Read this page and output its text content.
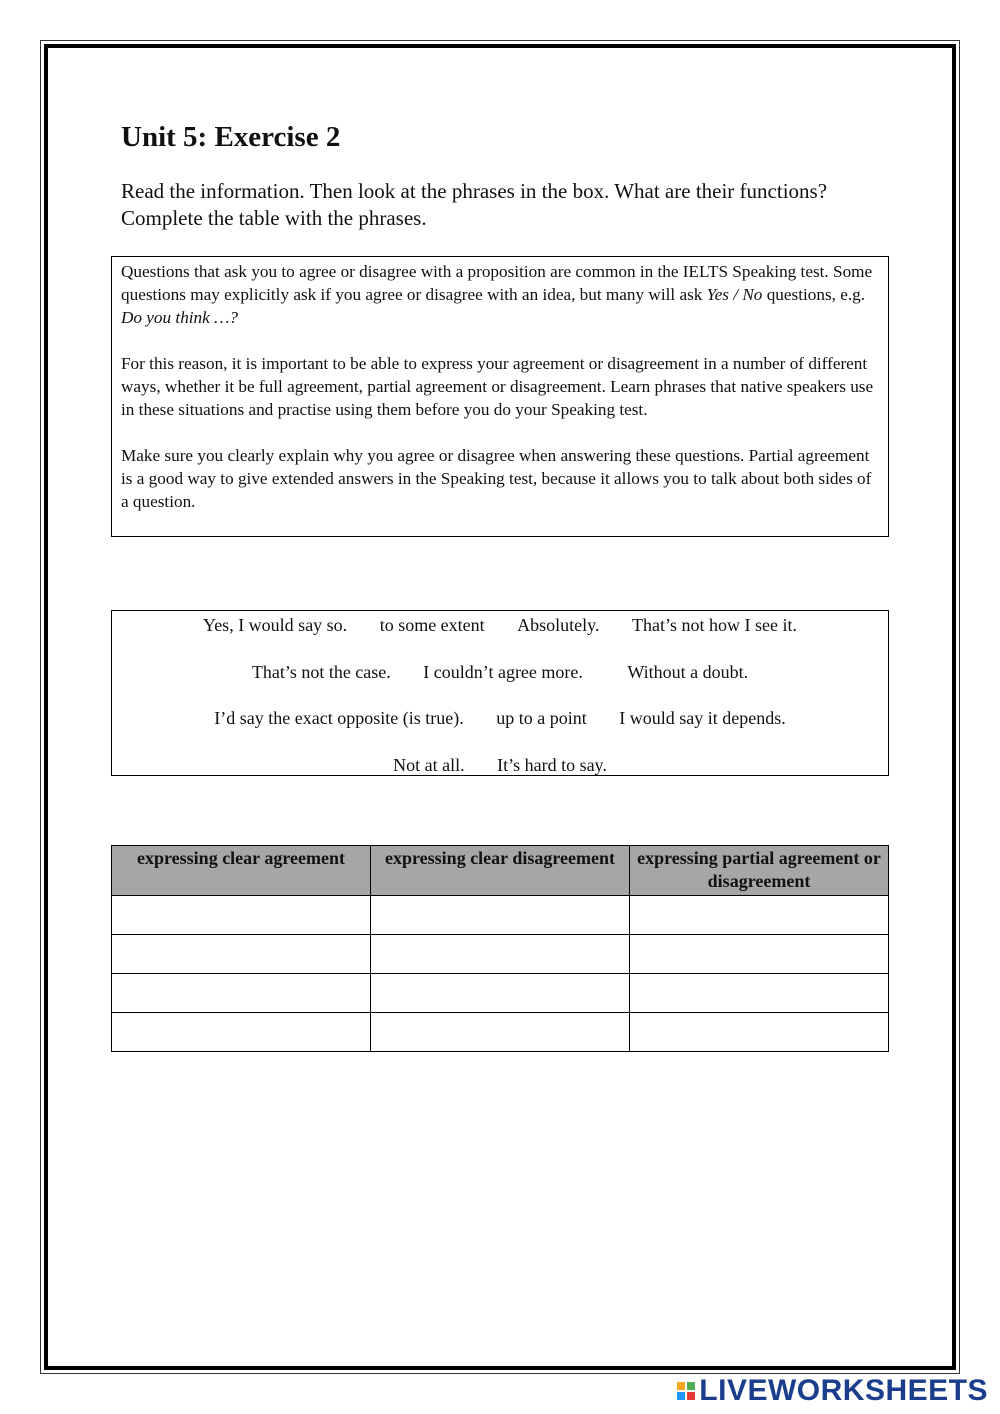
Unit 5: Exercise 2

Read the information. Then look at the phrases in the box. What are their functions? Complete the table with the phrases.

Questions that ask you to agree or disagree with a proposition are common in the IELTS Speaking test. Some questions may explicitly ask if you agree or disagree with an idea, but many will ask Yes / No questions, e.g. Do you think …?

For this reason, it is important to be able to express your agreement or disagreement in a number of different ways, whether it be full agreement, partial agreement or disagreement. Learn phrases that native speakers use in these situations and practise using them before you do your Speaking test.

Make sure you clearly explain why you agree or disagree when answering these questions. Partial agreement is a good way to give extended answers in the Speaking test, because it allows you to talk about both sides of a question.

Yes, I would say so. to some extent Absolutely. That’s not how I see it.
That’s not the case. I couldn’t agree more. Without a doubt.
I’d say the exact opposite (is true). up to a point I would say it depends.
Not at all. It’s hard to say.
expressing clear agreement	expressing clear disagreement	expressing partial agreement or disagreement

LIVEWORKSHEETS
